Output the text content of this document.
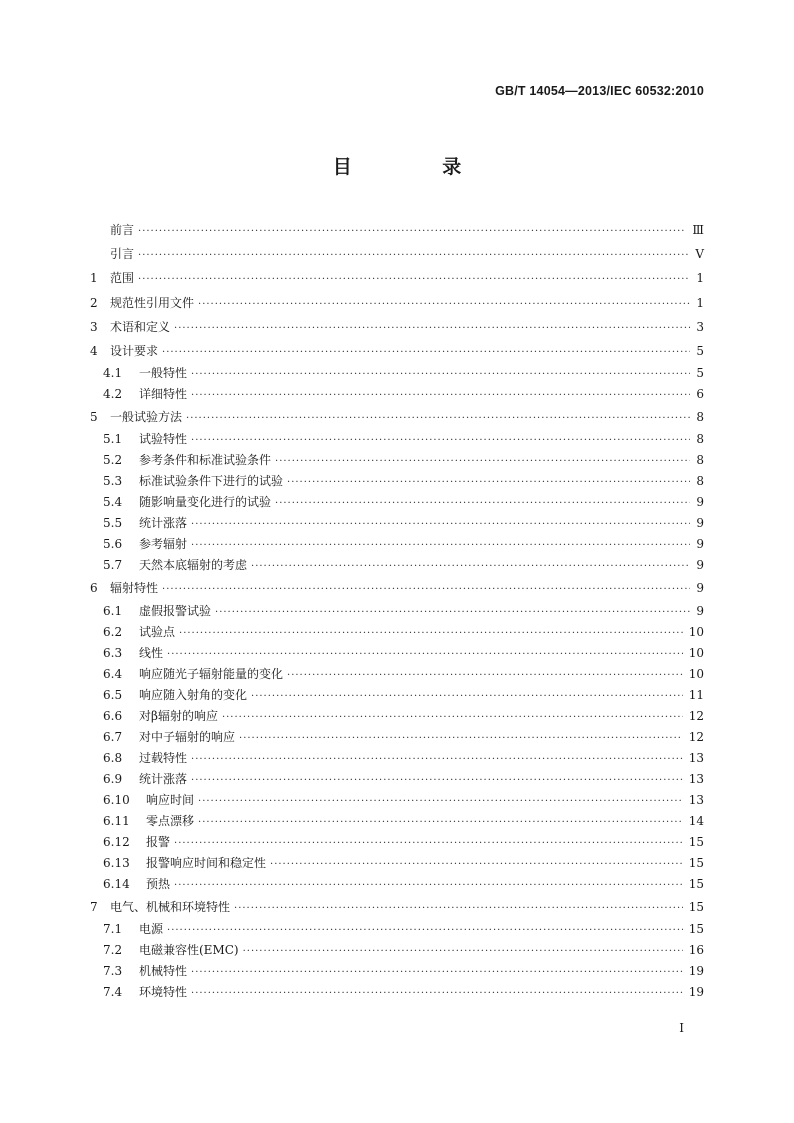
GB/T 14054—2013/IEC 60532:2010
目 录
前言 ·····	Ⅲ
引言 ·····	Ⅴ
1	范围 ·····	1
2	规范性引用文件 ·····	1
3	术语和定义 ·····	3
4	设计要求 ·····	5
4.1	一般特性 ·····	5
4.2	详细特性 ·····	6
5	一般试验方法 ·····	8
5.1	试验特性 ·····	8
5.2	参考条件和标准试验条件 ·····	8
5.3	标准试验条件下进行的试验 ·····	8
5.4	随影响量变化进行的试验 ·····	9
5.5	统计涨落 ·····	9
5.6	参考辐射 ·····	9
5.7	天然本底辐射的考虑 ·····	9
6	辐射特性 ·····	9
6.1	虚假报警试验 ·····	9
6.2	试验点 ·····	10
6.3	线性 ·····	10
6.4	响应随光子辐射能量的变化 ·····	10
6.5	响应随入射角的变化 ·····	11
6.6	对β辐射的响应 ·····	12
6.7	对中子辐射的响应 ·····	12
6.8	过载特性 ·····	13
6.9	统计涨落 ·····	13
6.10	响应时间 ·····	13
6.11	零点漂移 ·····	14
6.12	报警 ·····	15
6.13	报警响应时间和稳定性 ·····	15
6.14	预热 ·····	15
7	电气、机械和环境特性 ·····	15
7.1	电源 ·····	15
7.2	电磁兼容性(EMC) ·····	16
7.3	机械特性 ·····	19
7.4	环境特性 ·····	19
Ⅰ
